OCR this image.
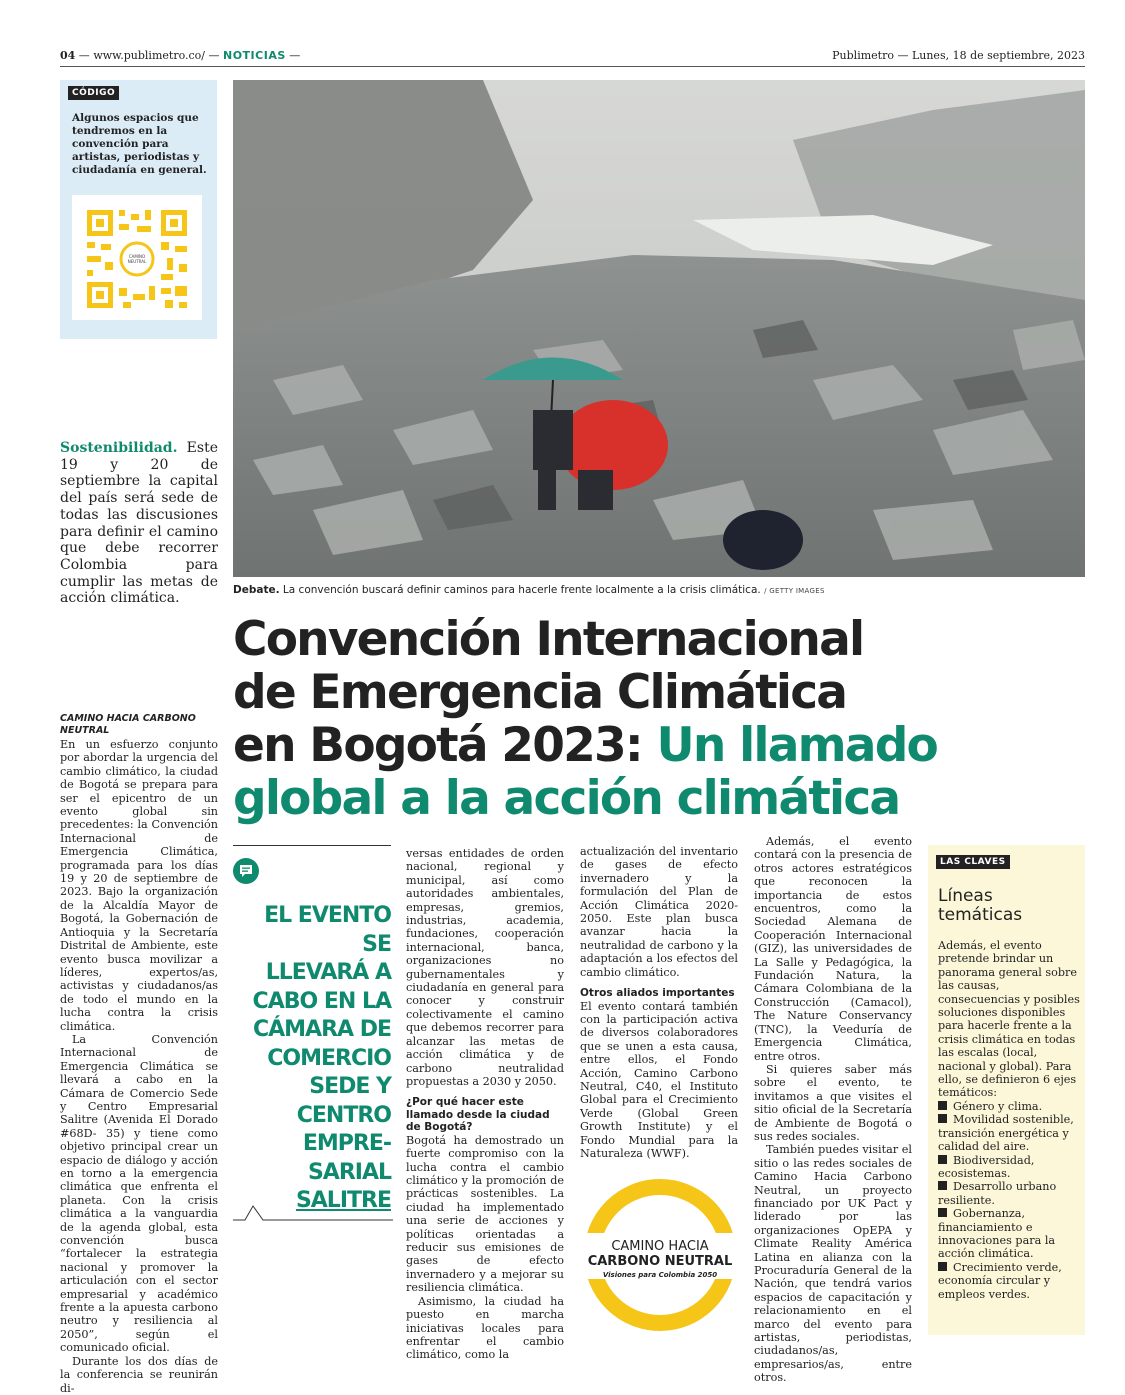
04 — www.publimetro.co/ — NOTICIAS —	Publimetro — Lunes, 18 de septiembre, 2023
CÓDIGO
Algunos espacios que tendremos en la convención para artistas, periodistas y ciudadanía en general.
CAMINO
NEUTRAL
Debate. La convención buscará definir caminos para hacerle frente localmente a la crisis climática. / GETTY IMAGES
Sostenibilidad. Este 19 y 20 de septiembre la capital del país será sede de todas las discusiones para definir el camino que debe recorrer Colombia para cumplir las metas de acción climática.
Convención Internacional
de Emergencia Climática
en Bogotá 2023: Un llamado
global a la acción climática
CAMINO HACIA CARBONO NEUTRAL

En un esfuerzo conjunto por abordar la urgencia del cambio climático, la ciudad de Bogotá se prepara para ser el epicentro de un evento global sin precedentes: la Convención Internacional de Emergencia Climática, programada para los días 19 y 20 de septiembre de 2023. Bajo la organización de la Alcaldía Mayor de Bogotá, la Gobernación de Antioquia y la Secretaría Distrital de Ambiente, este evento busca movilizar a líderes, expertos/as, activistas y ciudadanos/as de todo el mundo en la lucha contra la crisis climática.

La Convención Internacional de Emergencia Climática se llevará a cabo en la Cámara de Comercio Sede y Centro Empresarial Salitre (Avenida El Dorado #68D- 35) y tiene como objetivo principal crear un espacio de diálogo y acción en torno a la emergencia climática que enfrenta el planeta. Con la crisis climática a la vanguardia de la agenda global, esta convención busca “fortalecer la estrategia nacional y promover la articulación con el sector empresarial y académico frente a la apuesta carbono neutro y resiliencia al 2050”, según el comunicado oficial.

Durante los dos días de la conferencia se reunirán di-

EL EVENTO SE
LLEVARÁ A
CABO EN LA
CÁMARA DE
COMERCIO
SEDE Y CENTRO
EMPRE-SARIAL
SALITRE

versas entidades de orden nacional, regional y municipal, así como autoridades ambientales, empresas, gremios, industrias, academia, fundaciones, cooperación internacional, banca, organizaciones no gubernamentales y ciudadanía en general para conocer y construir colectivamente el camino que debemos recorrer para alcanzar las metas de acción climática y de carbono neutralidad propuestas a 2030 y 2050.

¿Por qué hacer este llamado desde la ciudad de Bogotá?

Bogotá ha demostrado un fuerte compromiso con la lucha contra el cambio climático y la promoción de prácticas sostenibles. La ciudad ha implementado una serie de acciones y políticas orientadas a reducir sus emisiones de gases de efecto invernadero y a mejorar su resiliencia climática.

Asimismo, la ciudad ha puesto en marcha iniciativas locales para enfrentar el cambio climático, como la

actualización del inventario de gases de efecto invernadero y la formulación del Plan de Acción Climática 2020-2050. Este plan busca avanzar hacia la neutralidad de carbono y la adaptación a los efectos del cambio climático.

Otros aliados importantes

El evento contará también con la participación activa de diversos colaboradores que se unen a esta causa, entre ellos, el Fondo Acción, Camino Carbono Neutral, C40, el Instituto Global para el Crecimiento Verde (Global Green Growth Institute) y el Fondo Mundial para la Naturaleza (WWF).

CAMINO HACIA
CARBONO NEUTRAL
Visiones para Colombia 2050

Además, el evento contará con la presencia de otros actores estratégicos que reconocen la importancia de estos encuentros, como la Sociedad Alemana de Cooperación Internacional (GIZ), las universidades de La Salle y Pedagógica, la Fundación Natura, la Cámara Colombiana de la Construcción (Camacol), The Nature Conservancy (TNC), la Veeduría de Emergencia Climática, entre otros.

Si quieres saber más sobre el evento, te invitamos a que visites el sitio oficial de la Secretaría de Ambiente de Bogotá o sus redes sociales.

También puedes visitar el sitio o las redes sociales de Camino Hacia Carbono Neutral, un proyecto financiado por UK Pact y liderado por las organizaciones OpEPA y Climate Reality América Latina en alianza con la Procuraduría General de la Nación, que tendrá varios espacios de capacitación y relacionamiento en el marco del evento para artistas, periodistas, ciudadanos/as, empresarios/as, entre otros.

LAS CLAVES
Líneas temáticas

Además, el evento pretende brindar un panorama general sobre las causas, consecuencias y posibles soluciones disponibles para hacerle frente a la crisis climática en todas las escalas (local, nacional y global). Para ello, se definieron 6 ejes temáticos:

Género y clima.

Movilidad sostenible, transición energética y calidad del aire.

Biodiversidad, ecosistemas.

Desarrollo urbano resiliente.

Gobernanza, financiamiento e innovaciones para la acción climática.

Crecimiento verde, economía circular y empleos verdes.
